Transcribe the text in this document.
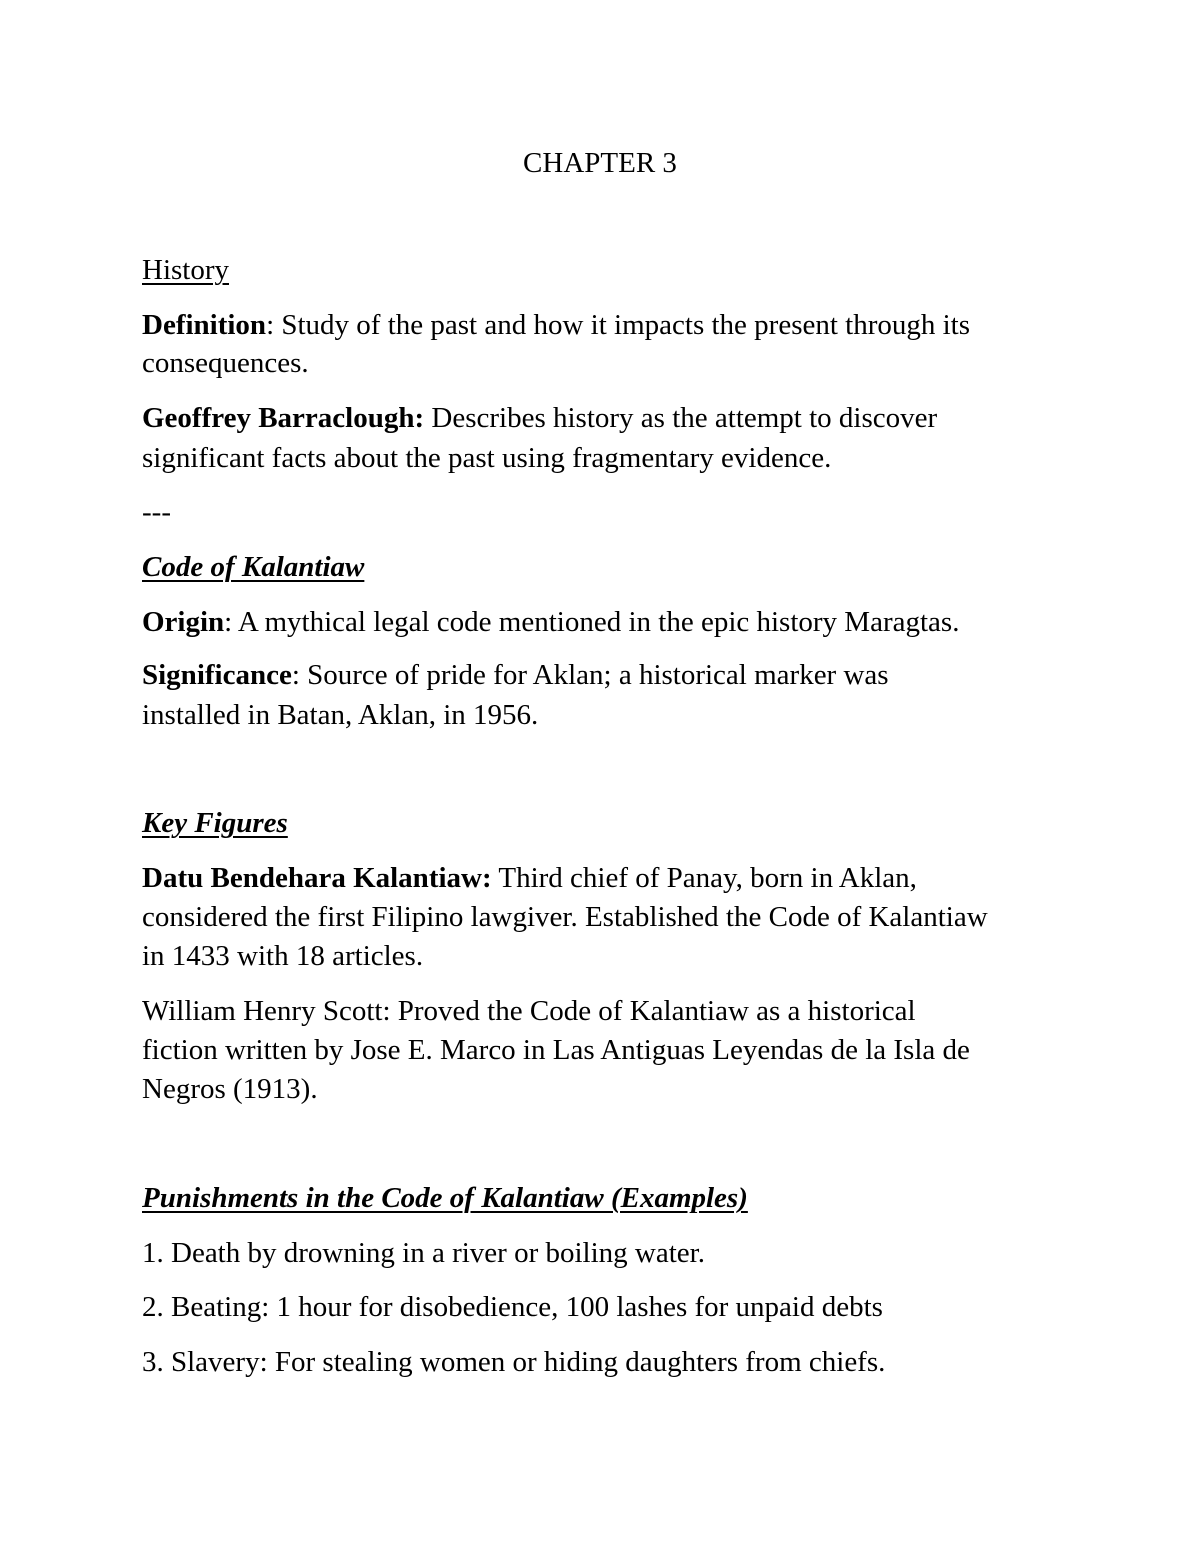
CHAPTER 3

History

Definition: Study of the past and how it impacts the present through its

consequences.

Geoffrey Barraclough: Describes history as the attempt to discover

significant facts about the past using fragmentary evidence.

---

Code of Kalantiaw

Origin: A mythical legal code mentioned in the epic history Maragtas.

Significance: Source of pride for Aklan; a historical marker was

installed in Batan, Aklan, in 1956.

Key Figures

Datu Bendehara Kalantiaw: Third chief of Panay, born in Aklan,

considered the first Filipino lawgiver. Established the Code of Kalantiaw

in 1433 with 18 articles.

William Henry Scott: Proved the Code of Kalantiaw as a historical

fiction written by Jose E. Marco in Las Antiguas Leyendas de la Isla de

Negros (1913).

Punishments in the Code of Kalantiaw (Examples)

1. Death by drowning in a river or boiling water.

2. Beating: 1 hour for disobedience, 100 lashes for unpaid debts

3. Slavery: For stealing women or hiding daughters from chiefs.
